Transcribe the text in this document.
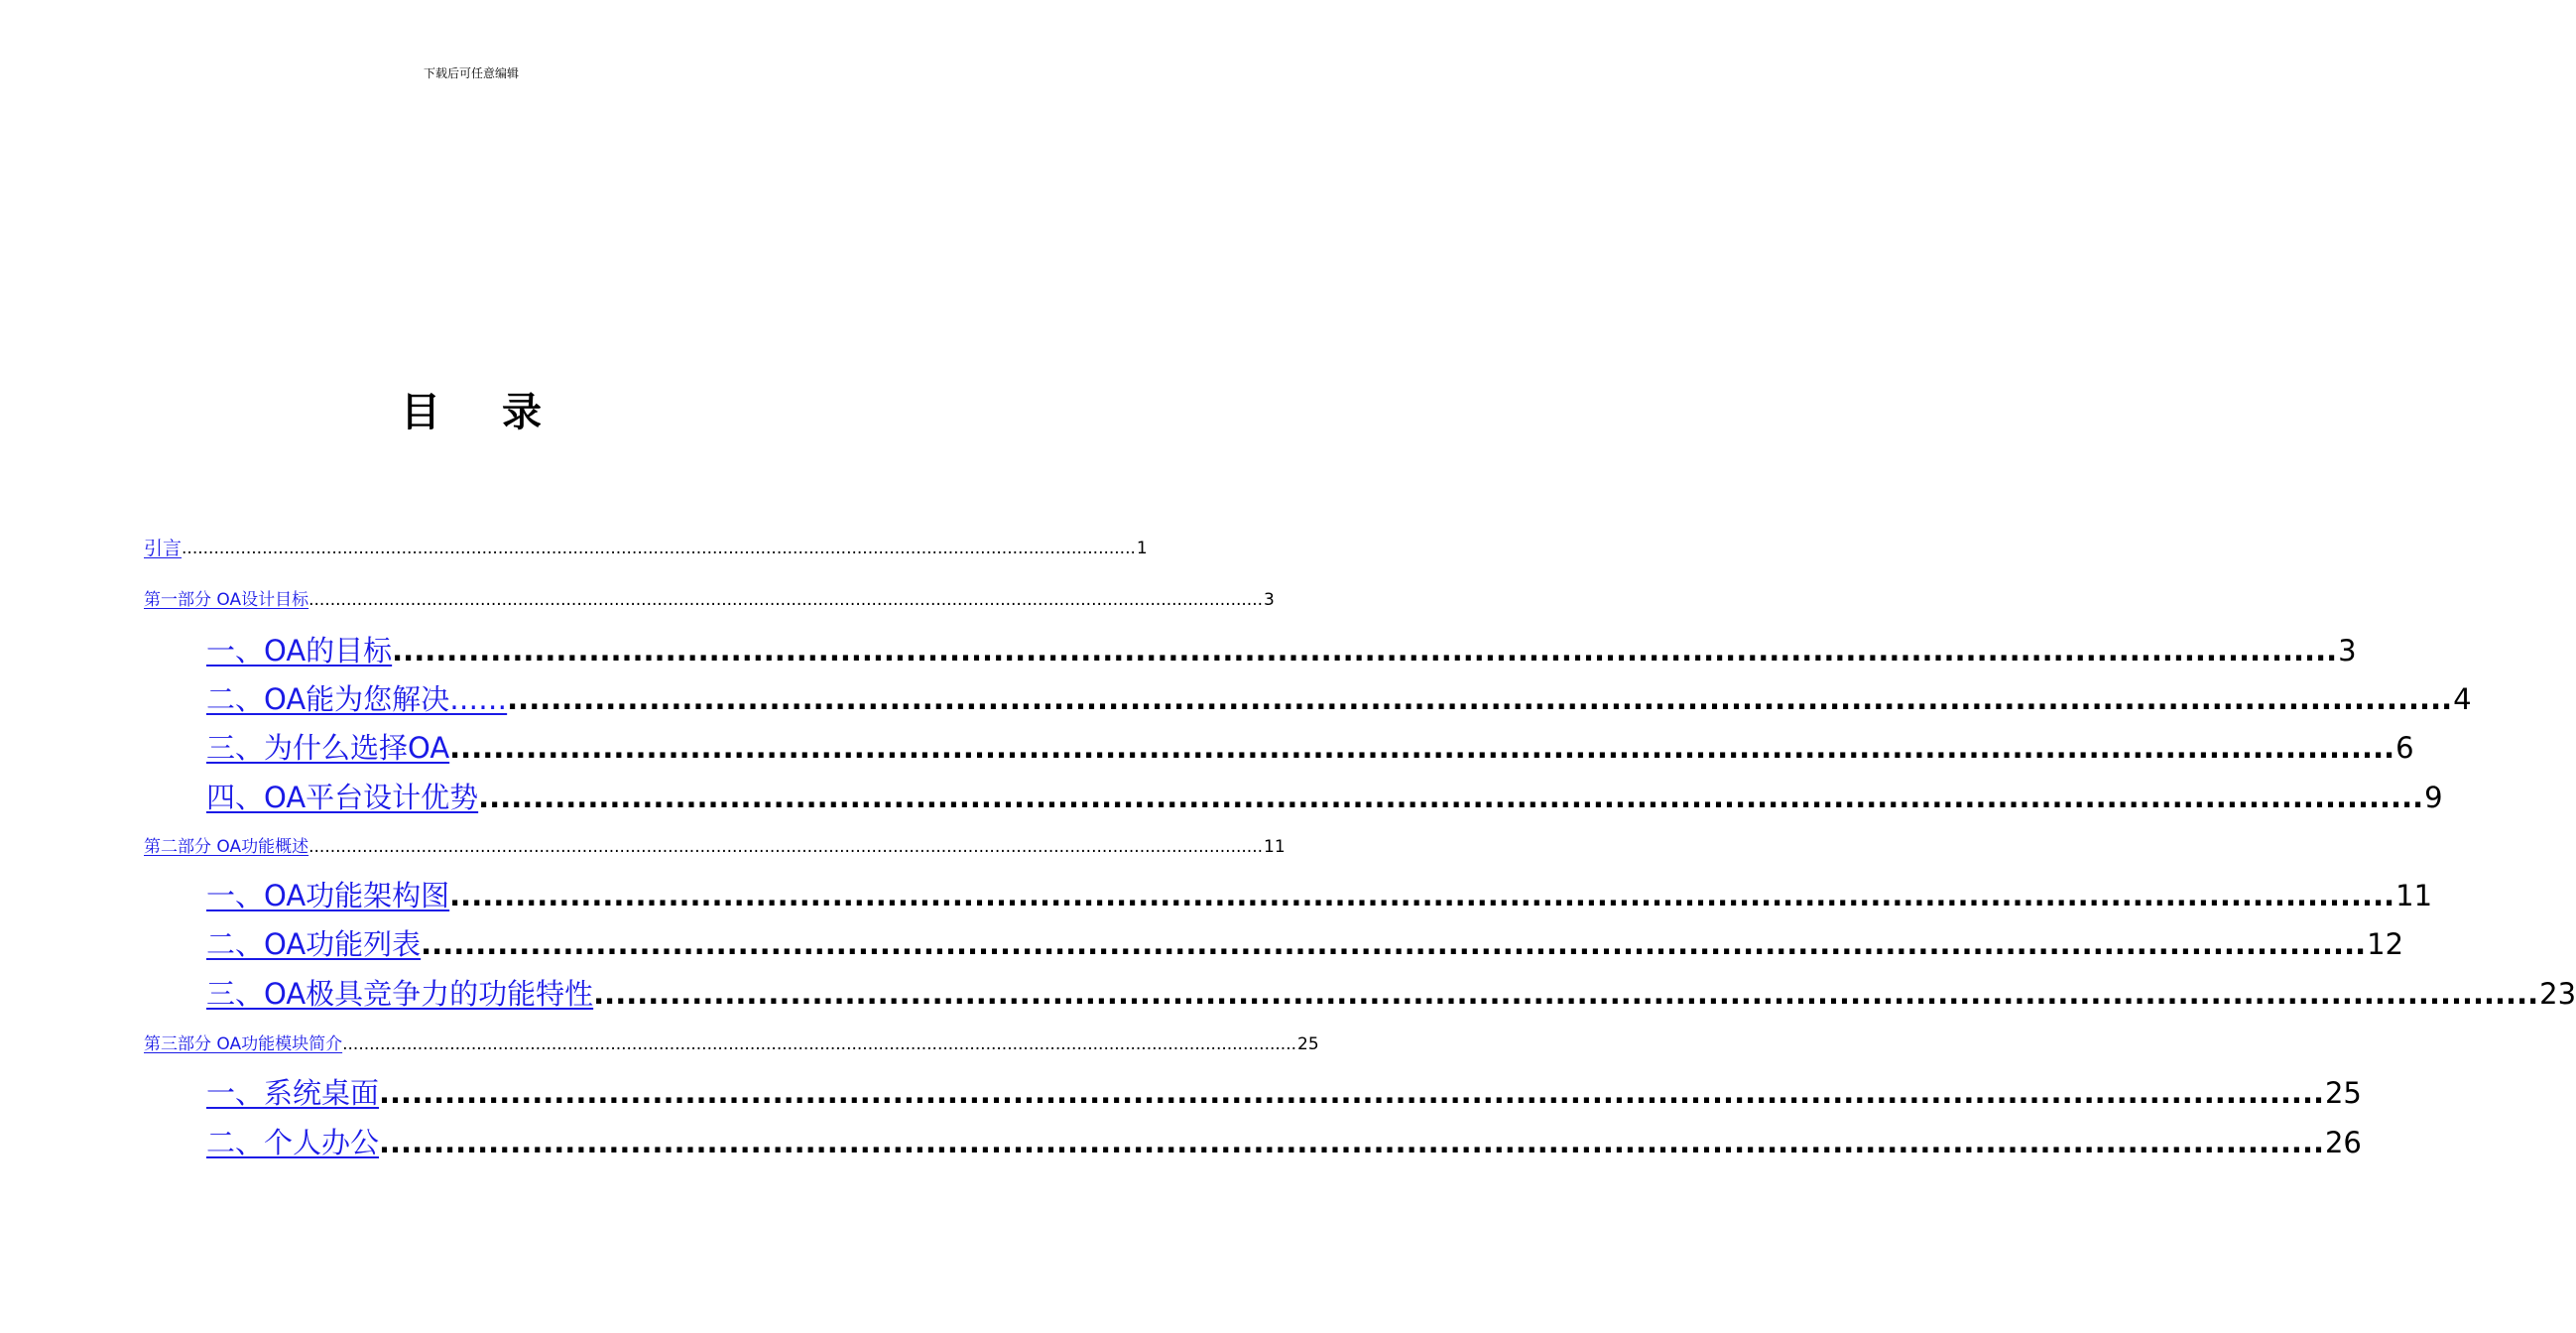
下载后可任意编辑
目 录
引言 .................................................................................................................................................................................. 1
第一部分 OA设计目标 .................................................................................................................................................................................. 3
一、OA的目标 .................................................................................................................................................................................. 3
二、OA能为您解决…… .................................................................................................................................................................................. 4
三、为什么选择OA .................................................................................................................................................................................. 6
四、OA平台设计优势 .................................................................................................................................................................................. 9
第二部分 OA功能概述 .................................................................................................................................................................................. 11
一、OA功能架构图 .................................................................................................................................................................................. 11
二、OA功能列表 .................................................................................................................................................................................. 12
三、OA极具竞争力的功能特性 .................................................................................................................................................................................. 23
第三部分 OA功能模块简介 .................................................................................................................................................................................. 25
一、系统桌面 .................................................................................................................................................................................. 25
二、个人办公 .................................................................................................................................................................................. 26
